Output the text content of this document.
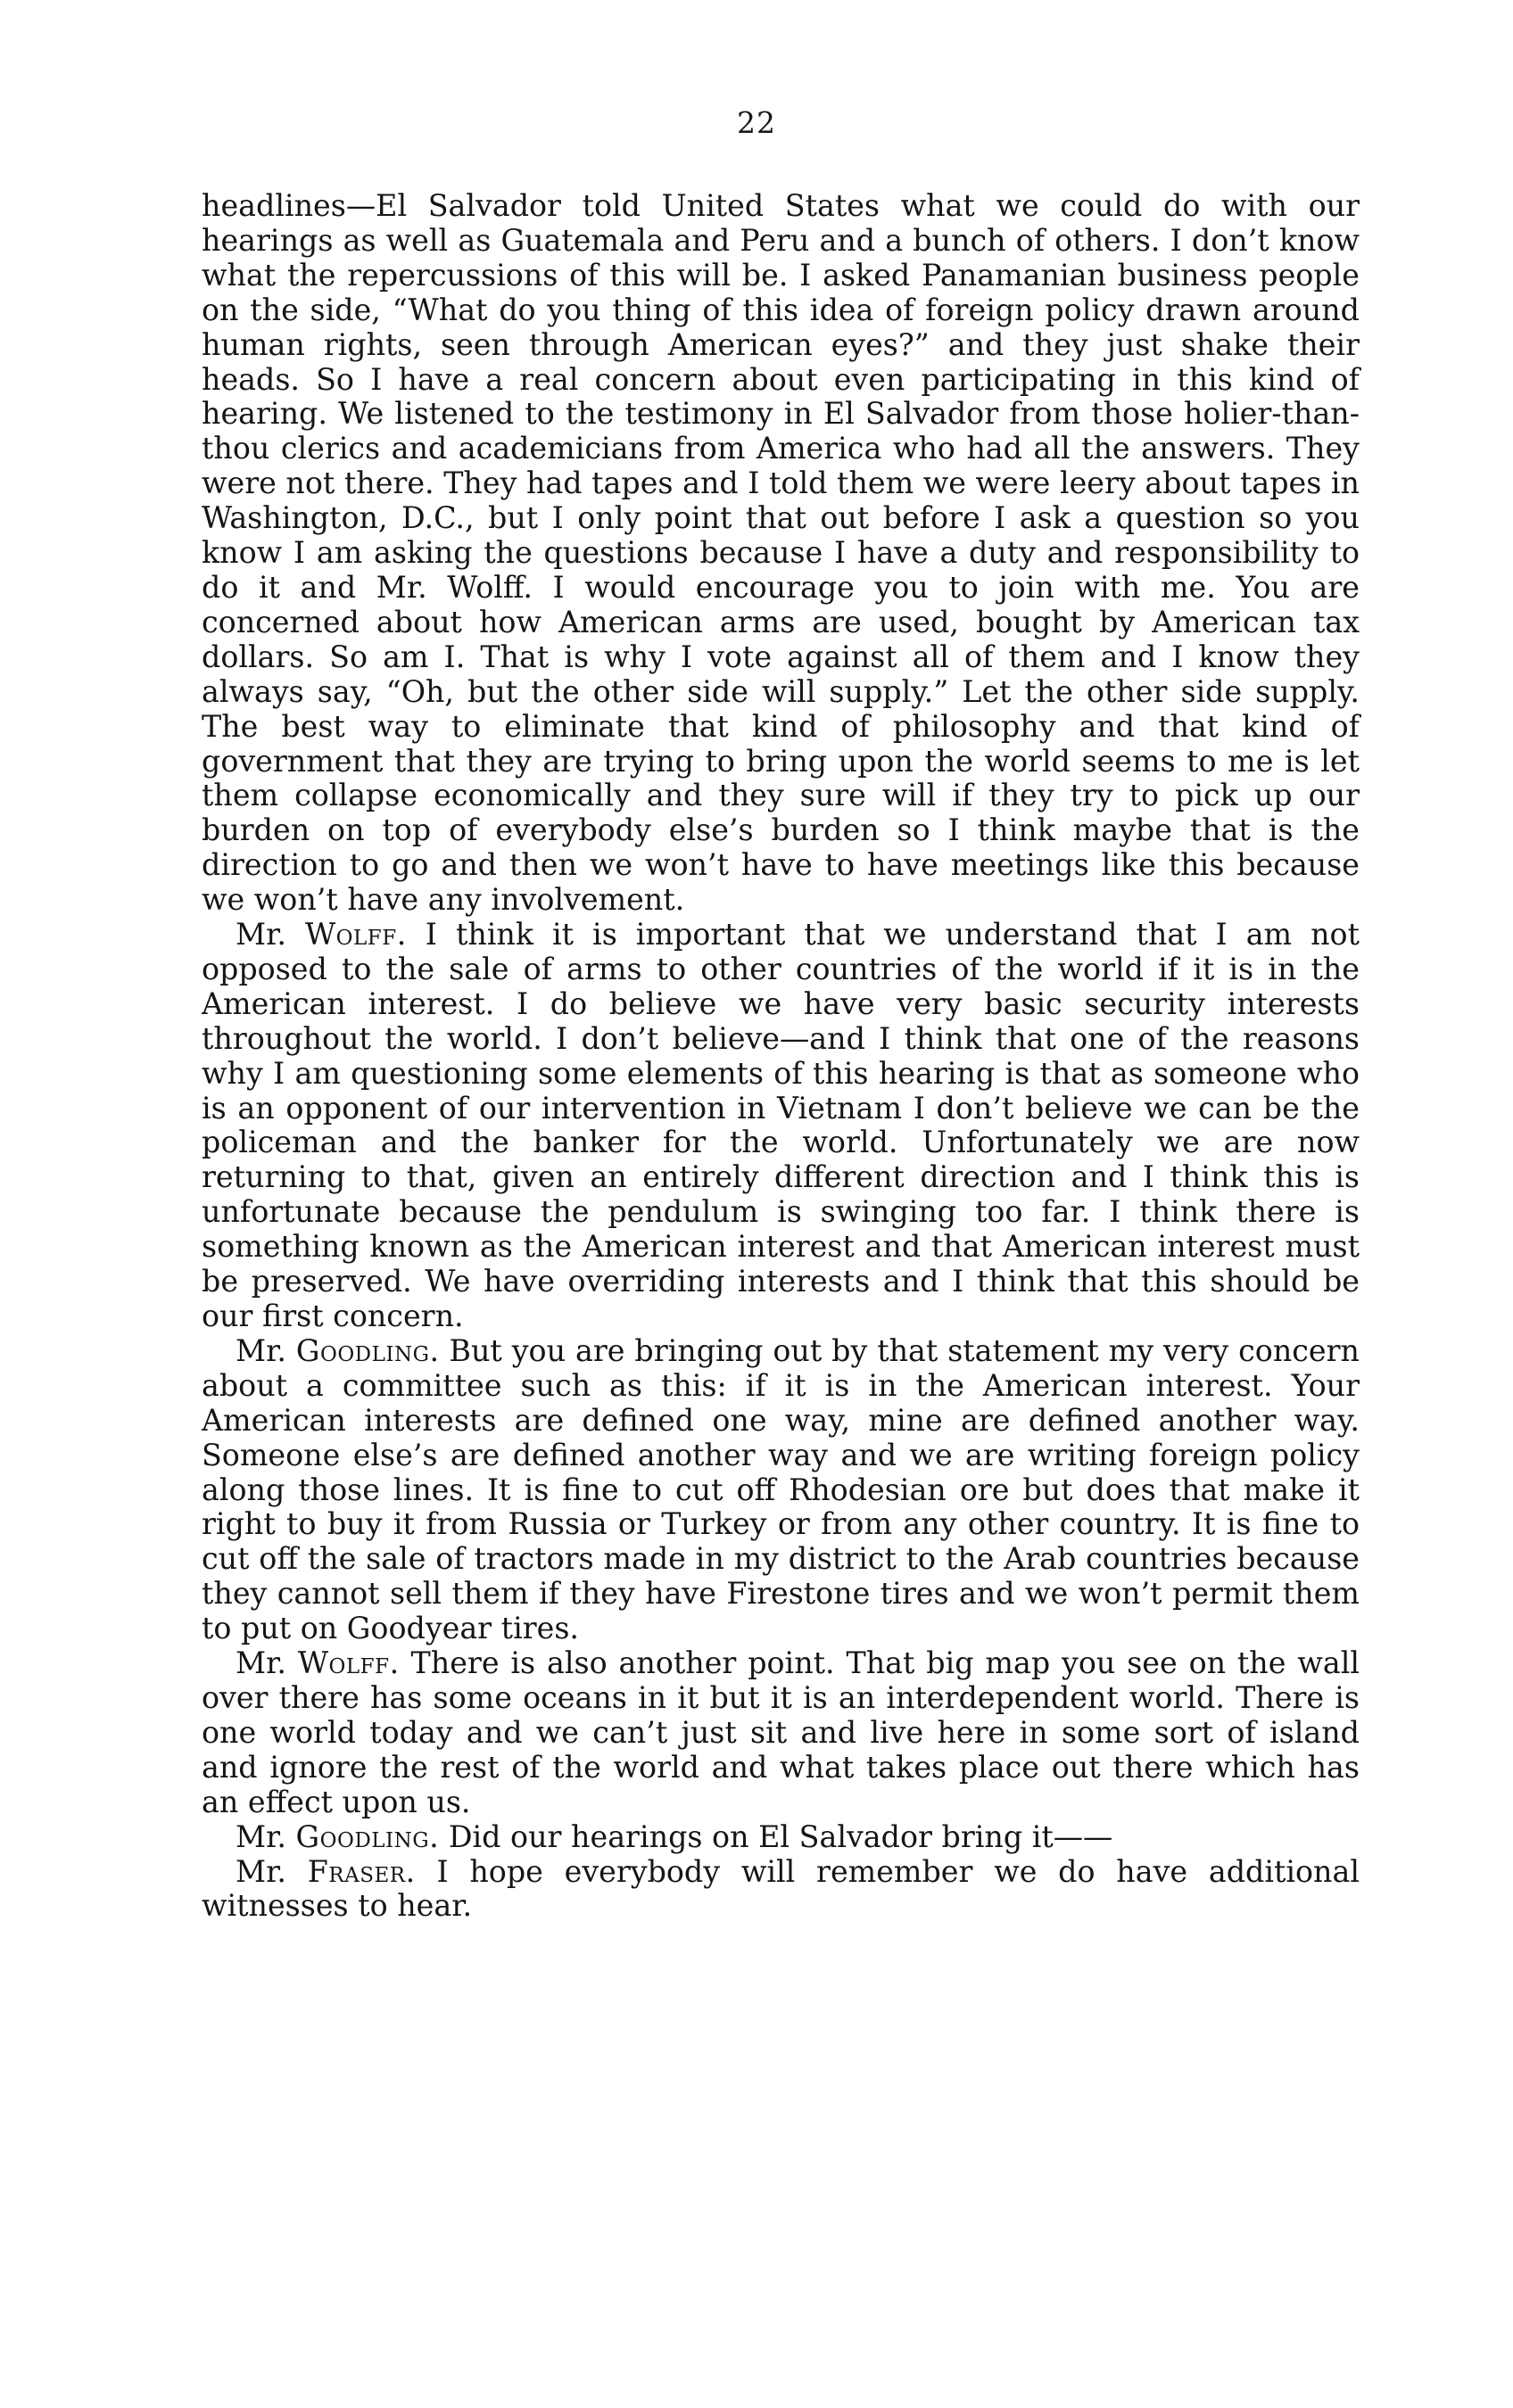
22

headlines—El Salvador told United States what we could do with our hearings as well as Guatemala and Peru and a bunch of others. I don’t know what the repercussions of this will be. I asked Panamanian business people on the side, “What do you thing of this idea of foreign policy drawn around human rights, seen through American eyes?” and they just shake their heads. So I have a real concern about even participating in this kind of hearing. We listened to the testimony in El Salvador from those holier-than-thou clerics and academicians from America who had all the answers. They were not there. They had tapes and I told them we were leery about tapes in Washington, D.C., but I only point that out before I ask a question so you know I am asking the questions because I have a duty and responsibility to do it and Mr. Wolff. I would encourage you to join with me. You are concerned about how American arms are used, bought by American tax dollars. So am I. That is why I vote against all of them and I know they always say, “Oh, but the other side will supply.” Let the other side supply. The best way to eliminate that kind of philosophy and that kind of government that they are trying to bring upon the world seems to me is let them collapse economically and they sure will if they try to pick up our burden on top of everybody else’s burden so I think maybe that is the direction to go and then we won’t have to have meetings like this because we won’t have any involvement.

Mr. Wolff. I think it is important that we understand that I am not opposed to the sale of arms to other countries of the world if it is in the American interest. I do believe we have very basic security interests throughout the world. I don’t believe—and I think that one of the reasons why I am questioning some elements of this hearing is that as someone who is an opponent of our intervention in Vietnam I don’t believe we can be the policeman and the banker for the world. Unfortunately we are now returning to that, given an entirely different direction and I think this is unfortunate because the pendulum is swinging too far. I think there is something known as the American interest and that American interest must be preserved. We have overriding interests and I think that this should be our first concern.

Mr. Goodling. But you are bringing out by that statement my very concern about a committee such as this: if it is in the American interest. Your American interests are defined one way, mine are defined another way. Someone else’s are defined another way and we are writing foreign policy along those lines. It is fine to cut off Rhodesian ore but does that make it right to buy it from Russia or Turkey or from any other country. It is fine to cut off the sale of tractors made in my district to the Arab countries because they cannot sell them if they have Firestone tires and we won’t permit them to put on Goodyear tires.

Mr. Wolff. There is also another point. That big map you see on the wall over there has some oceans in it but it is an interdependent world. There is one world today and we can’t just sit and live here in some sort of island and ignore the rest of the world and what takes place out there which has an effect upon us.

Mr. Goodling. Did our hearings on El Salvador bring it——

Mr. Fraser. I hope everybody will remember we do have additional witnesses to hear.
